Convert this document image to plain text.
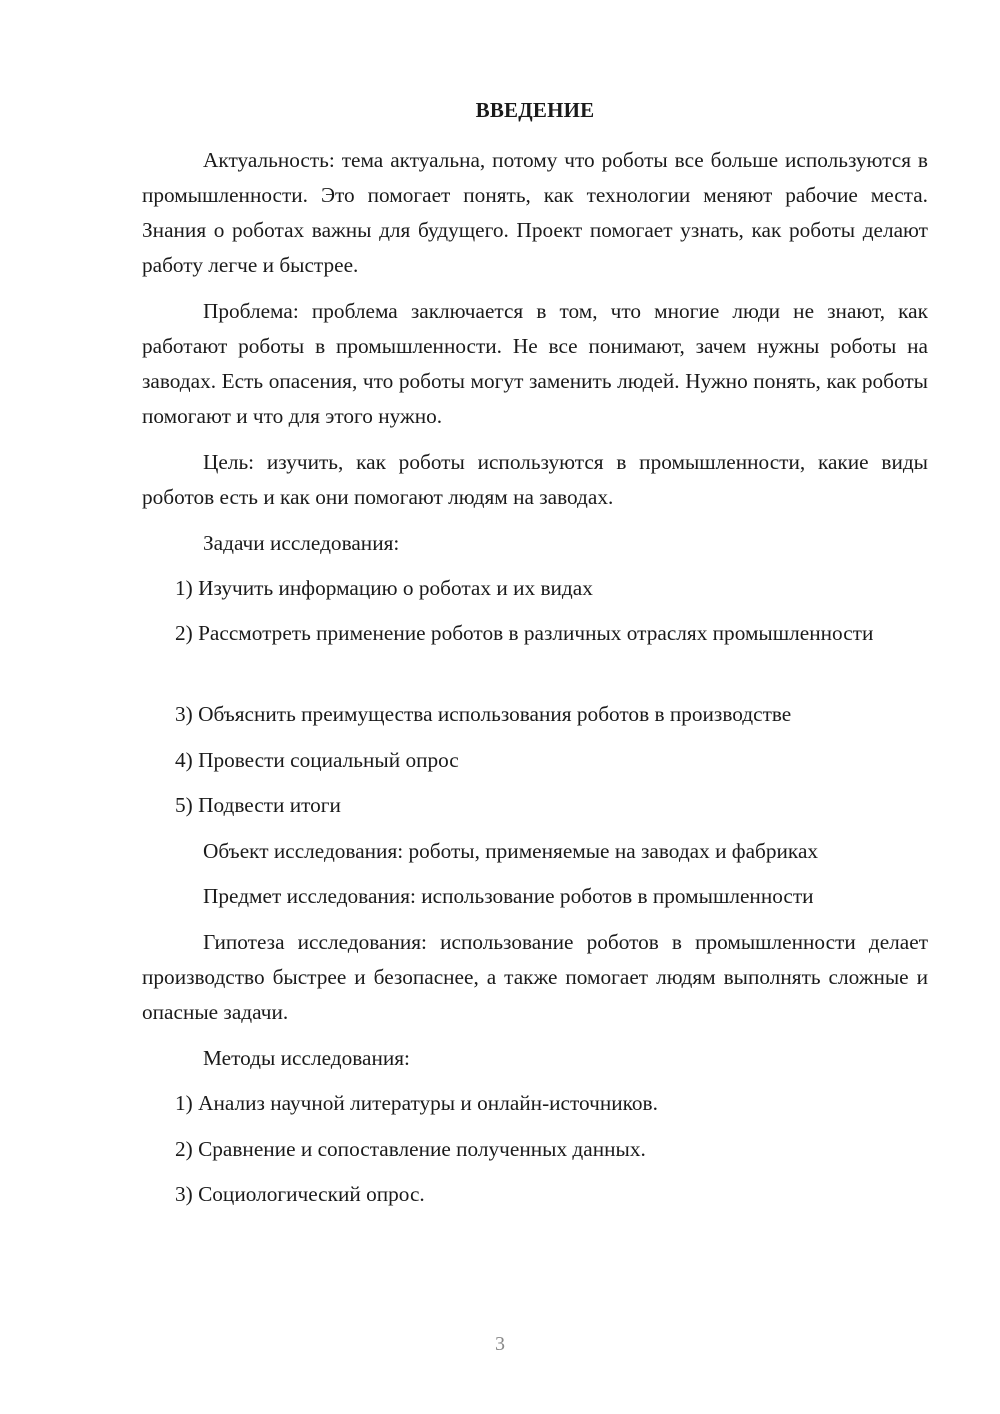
ВВЕДЕНИЕ
Актуальность: тема актуальна, потому что роботы все больше используются в промышленности. Это помогает понять, как технологии меняют рабочие места. Знания о роботах важны для будущего. Проект помогает узнать, как роботы делают работу легче и быстрее.
Проблема: проблема заключается в том, что многие люди не знают, как работают роботы в промышленности. Не все понимают, зачем нужны роботы на заводах. Есть опасения, что роботы могут заменить людей. Нужно понять, как роботы помогают и что для этого нужно.
Цель: изучить, как роботы используются в промышленности, какие виды роботов есть и как они помогают людям на заводах.
Задачи исследования:
1) Изучить информацию о роботах и их видах
2) Рассмотреть применение роботов в различных отраслях промышленности
3) Объяснить преимущества использования роботов в производстве
4) Провести социальный опрос
5) Подвести итоги
Объект исследования: роботы, применяемые на заводах и фабриках
Предмет исследования: использование роботов в промышленности
Гипотеза исследования: использование роботов в промышленности делает производство быстрее и безопаснее, а также помогает людям выполнять сложные и опасные задачи.
Методы исследования:
1) Анализ научной литературы и онлайн-источников.
2) Сравнение и сопоставление полученных данных.
3) Социологический опрос.
3
